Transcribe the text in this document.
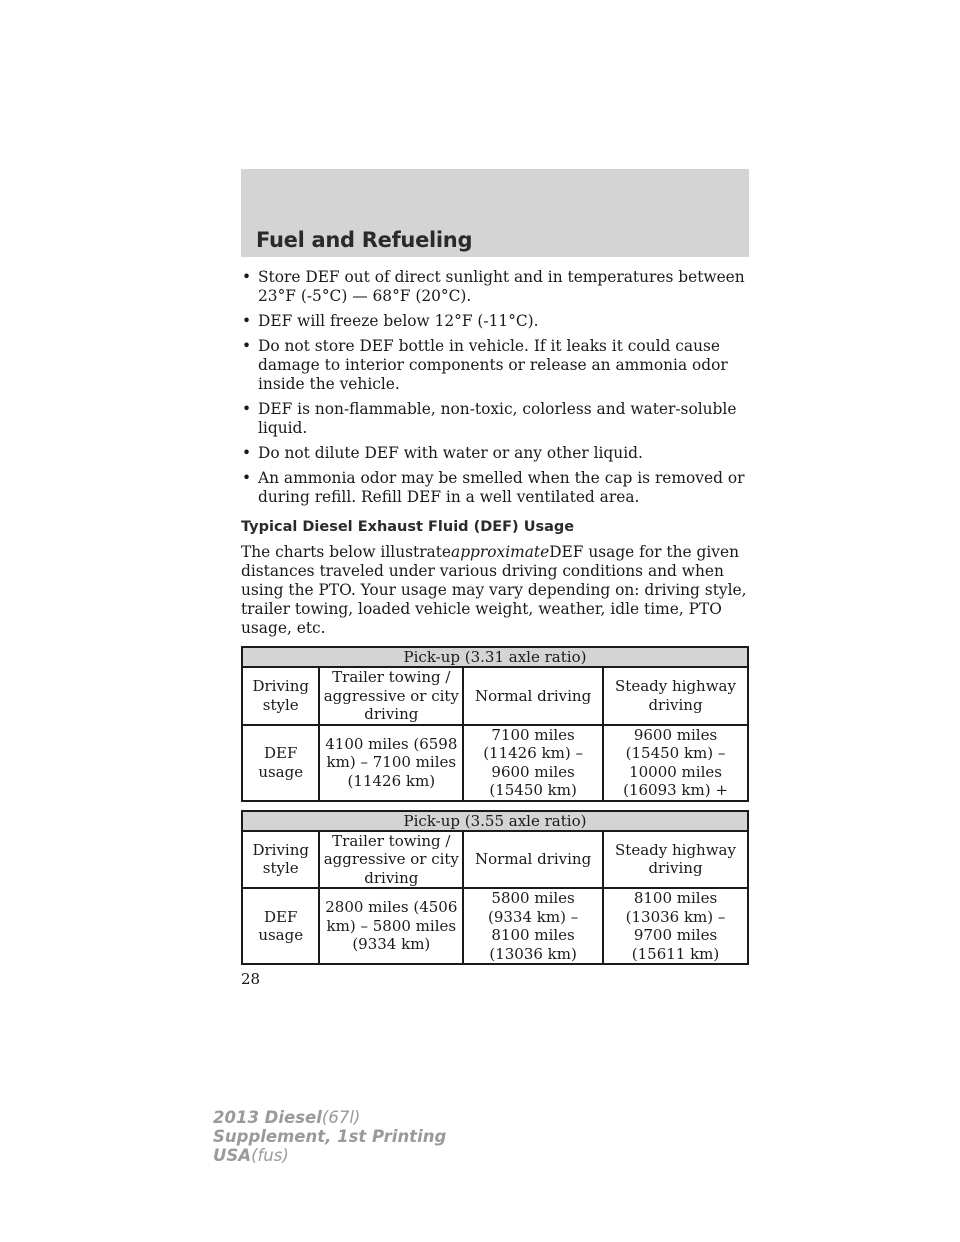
Fuel and Refueling
• Store DEF out of direct sunlight and in temperatures between 23°F (-5°C) — 68°F (20°C).
• DEF will freeze below 12°F (-11°C).
• Do not store DEF bottle in vehicle. If it leaks it could cause damage to interior components or release an ammonia odor inside the vehicle.
• DEF is non-flammable, non-toxic, colorless and water-soluble liquid.
• Do not dilute DEF with water or any other liquid.
• An ammonia odor may be smelled when the cap is removed or during refill. Refill DEF in a well ventilated area.
Typical Diesel Exhaust Fluid (DEF) Usage

The charts below illustrateapproximateDEF usage for the given distances traveled under various driving conditions and when using the PTO. Your usage may vary depending on: driving style, trailer towing, loaded vehicle weight, weather, idle time, PTO usage, etc.

Pick-up (3.31 axle ratio)			
Driving style	Trailer towing / aggressive or city driving	Normal driving	Steady highway driving
DEF usage	4100 miles (6598 km) – 7100 miles (11426 km)	7100 miles (11426 km) – 9600 miles (15450 km)	9600 miles (15450 km) – 10000 miles (16093 km) +
Pick-up (3.55 axle ratio)			
Driving style	Trailer towing / aggressive or city driving	Normal driving	Steady highway driving
DEF usage	2800 miles (4506 km) – 5800 miles (9334 km)	5800 miles (9334 km) – 8100 miles (13036 km)	8100 miles (13036 km) – 9700 miles (15611 km)
28
2013 Diesel(67l)
Supplement, 1st Printing
USA(fus)
